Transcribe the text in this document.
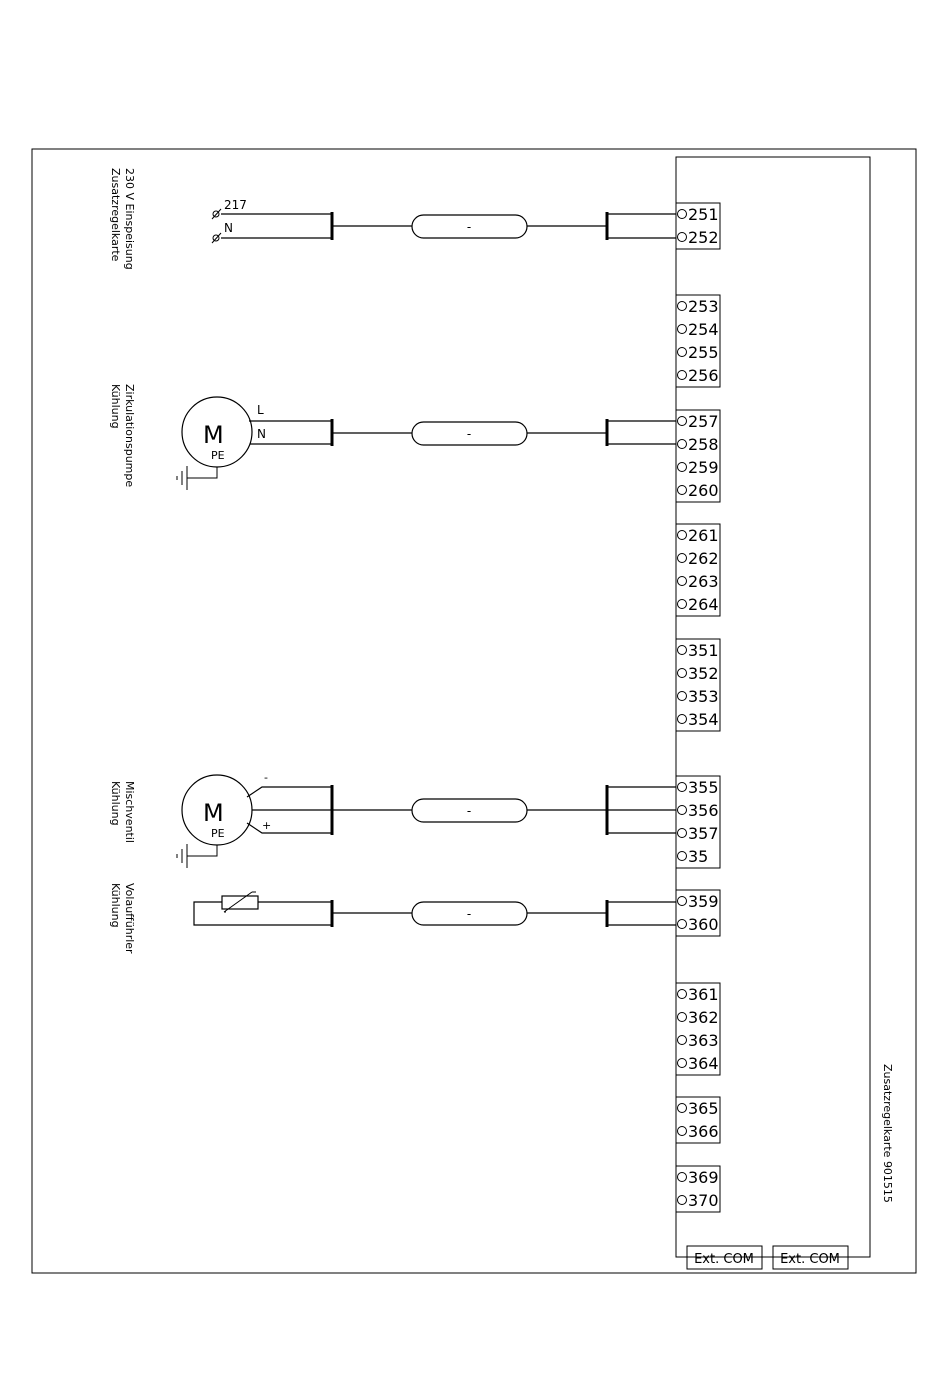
230 V Einspeisung
Zusatzregelkarte
Zirkulationspumpe
Kühlung
Mischventil
Kühlung
Volaufführler
Kühlung
Zusatzregelkarte 901515
217
N	-
M
PE
L
N	-
M
PE
-
+
-
-
251
252
253
254
255
256
257
258
259
260
261
262
263
264
351
352
353
354
355
356
357
35
359
360
361
362
363
364
365
366
369
370
Ext. COM Ext. COM
